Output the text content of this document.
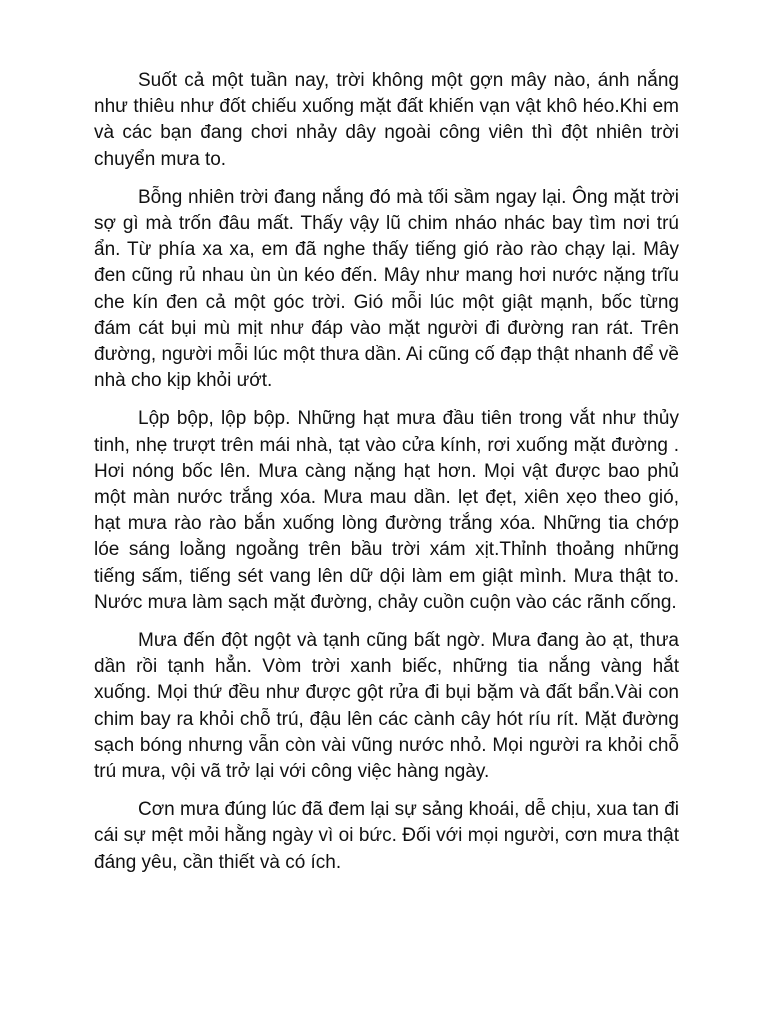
Suốt cả một tuần nay, trời không một gợn mây nào, ánh nắng như thiêu như đốt chiếu xuống mặt đất khiến vạn vật khô héo.Khi em và các bạn đang chơi nhảy dây ngoài công viên thì đột nhiên trời chuyển mưa to.

Bỗng nhiên trời đang nắng đó mà tối sầm ngay lại. Ông mặt trời sợ gì mà trốn đâu mất. Thấy vậy lũ chim nháo nhác bay tìm nơi trú ẩn. Từ phía xa xa, em đã nghe thấy tiếng gió rào rào chạy lại. Mây đen cũng rủ nhau ùn ùn kéo đến. Mây như mang hơi nước nặng trĩu che kín đen cả một góc trời. Gió mỗi lúc một giật mạnh, bốc từng đám cát bụi mù mịt như đáp vào mặt người đi đường ran rát. Trên đường, người mỗi lúc một thưa dần. Ai cũng cố đạp thật nhanh để về nhà cho kịp khỏi ướt.

Lộp bộp, lộp bộp. Những hạt mưa đầu tiên trong vắt như thủy tinh, nhẹ trượt trên mái nhà, tạt vào cửa kính, rơi xuống mặt đường . Hơi nóng bốc lên. Mưa càng nặng hạt hơn. Mọi vật được bao phủ một màn nước trắng xóa. Mưa mau dần. lẹt đẹt, xiên xẹo theo gió, hạt mưa rào rào bắn xuống lòng đường trắng xóa. Những tia chớp lóe sáng loằng ngoằng trên bầu trời xám xịt.Thỉnh thoảng những tiếng sấm, tiếng sét vang lên dữ dội làm em giật mình. Mưa thật to. Nước mưa làm sạch mặt đường, chảy cuồn cuộn vào các rãnh cống.

Mưa đến đột ngột và tạnh cũng bất ngờ. Mưa đang ào ạt, thưa dần rồi tạnh hẳn. Vòm trời xanh biếc, những tia nắng vàng hắt xuống. Mọi thứ đều như được gột rửa đi bụi bặm và đất bẩn.Vài con chim bay ra khỏi chỗ trú, đậu lên các cành cây hót ríu rít. Mặt đường sạch bóng nhưng vẫn còn vài vũng nước nhỏ. Mọi người ra khỏi chỗ trú mưa, vội vã trở lại với công việc hàng ngày.

Cơn mưa đúng lúc đã đem lại sự sảng khoái, dễ chịu, xua tan đi cái sự mệt mỏi hằng ngày vì oi bức. Đối với mọi người, cơn mưa thật đáng yêu, cần thiết và có ích.
